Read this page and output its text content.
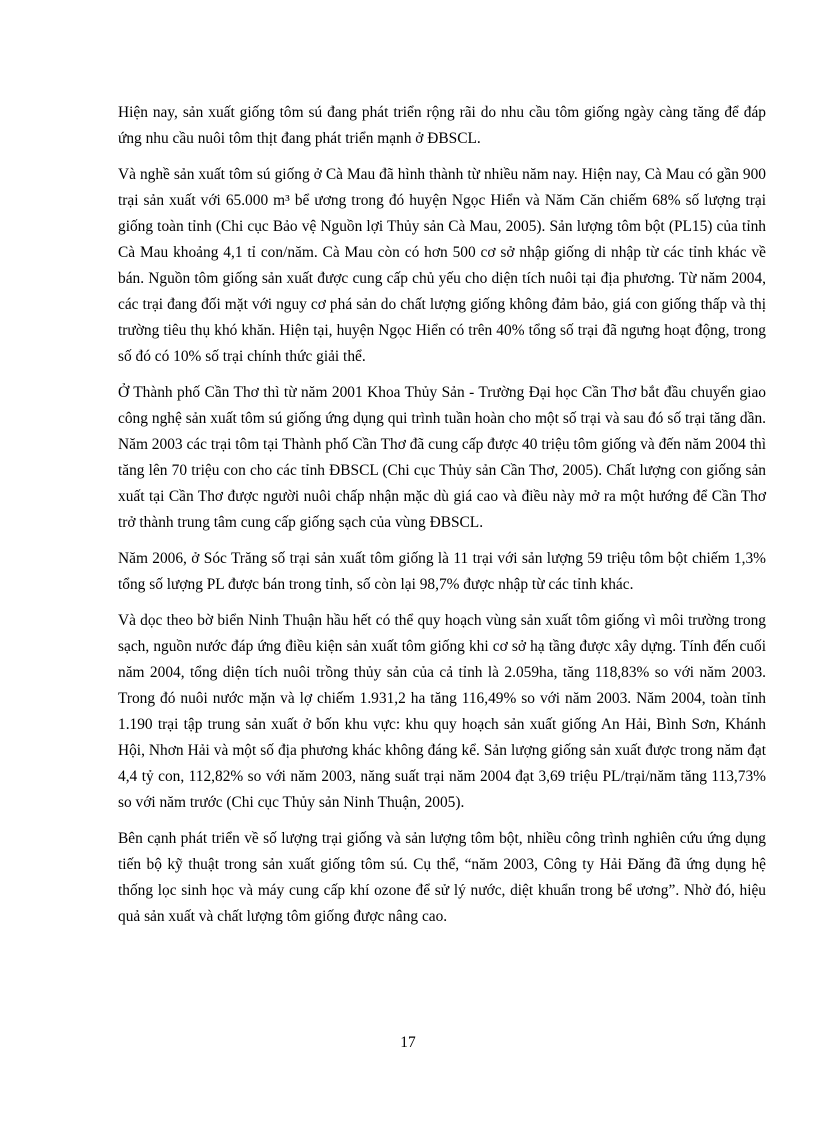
Hiện nay, sản xuất giống tôm sú đang phát triển rộng rãi do nhu cầu tôm giống ngày càng tăng để đáp ứng nhu cầu nuôi tôm thịt đang phát triển mạnh ở ĐBSCL.

Và nghề sản xuất tôm sú giống ở Cà Mau đã hình thành từ nhiều năm nay. Hiện nay, Cà Mau có gần 900 trại sản xuất với 65.000 m³ bể ương trong đó huyện Ngọc Hiển và Năm Căn chiếm 68% số lượng trại giống toàn tỉnh (Chi cục Bảo vệ Nguồn lợi Thủy sản Cà Mau, 2005). Sản lượng tôm bột (PL15) của tỉnh Cà Mau khoảng 4,1 tỉ con/năm. Cà Mau còn có hơn 500 cơ sở nhập giống di nhập từ các tỉnh khác về bán. Nguồn tôm giống sản xuất được cung cấp chủ yếu cho diện tích nuôi tại địa phương. Từ năm 2004, các trại đang đối mặt với nguy cơ phá sản do chất lượng giống không đảm bảo, giá con giống thấp và thị trường tiêu thụ khó khăn. Hiện tại, huyện Ngọc Hiển có trên 40% tổng số trại đã ngưng hoạt động, trong số đó có 10% số trại chính thức giải thể.

Ở Thành phố Cần Thơ thì từ năm 2001 Khoa Thủy Sản - Trường Đại học Cần Thơ bắt đầu chuyển giao công nghệ sản xuất tôm sú giống ứng dụng qui trình tuần hoàn cho một số trại và sau đó số trại tăng dần. Năm 2003 các trại tôm tại Thành phố Cần Thơ đã cung cấp được 40 triệu tôm giống và đến năm 2004 thì tăng lên 70 triệu con cho các tỉnh ĐBSCL (Chi cục Thủy sản Cần Thơ, 2005). Chất lượng con giống sản xuất tại Cần Thơ được người nuôi chấp nhận mặc dù giá cao và điều này mở ra một hướng để Cần Thơ trở thành trung tâm cung cấp giống sạch của vùng ĐBSCL.

Năm 2006, ở Sóc Trăng số trại sản xuất tôm giống là 11 trại với sản lượng 59 triệu tôm bột chiếm 1,3% tổng số lượng PL được bán trong tỉnh, số còn lại 98,7% được nhập từ các tỉnh khác.

Và dọc theo bờ biển Ninh Thuận hầu hết có thể quy hoạch vùng sản xuất tôm giống vì môi trường trong sạch, nguồn nước đáp ứng điều kiện sản xuất tôm giống khi cơ sở hạ tầng được xây dựng. Tính đến cuối năm 2004, tổng diện tích nuôi trồng thủy sản của cả tỉnh là 2.059ha, tăng 118,83% so với năm 2003. Trong đó nuôi nước mặn và lợ chiếm 1.931,2 ha tăng 116,49% so với năm 2003. Năm 2004, toàn tỉnh 1.190 trại tập trung sản xuất ở bốn khu vực: khu quy hoạch sản xuất giống An Hải, Bình Sơn, Khánh Hội, Nhơn Hải và một số địa phương khác không đáng kể. Sản lượng giống sản xuất được trong năm đạt 4,4 tỷ con, 112,82% so với năm 2003, năng suất trại năm 2004 đạt 3,69 triệu PL/trại/năm tăng 113,73% so với năm trước (Chi cục Thủy sản Ninh Thuận, 2005).

Bên cạnh phát triển về số lượng trại giống và sản lượng tôm bột, nhiều công trình nghiên cứu ứng dụng tiến bộ kỹ thuật trong sản xuất giống tôm sú. Cụ thể, “năm 2003, Công ty Hải Đăng đã ứng dụng hệ thống lọc sinh học và máy cung cấp khí ozone để sử lý nước, diệt khuẩn trong bể ương”. Nhờ đó, hiệu quả sản xuất và chất lượng tôm giống được nâng cao.

17
